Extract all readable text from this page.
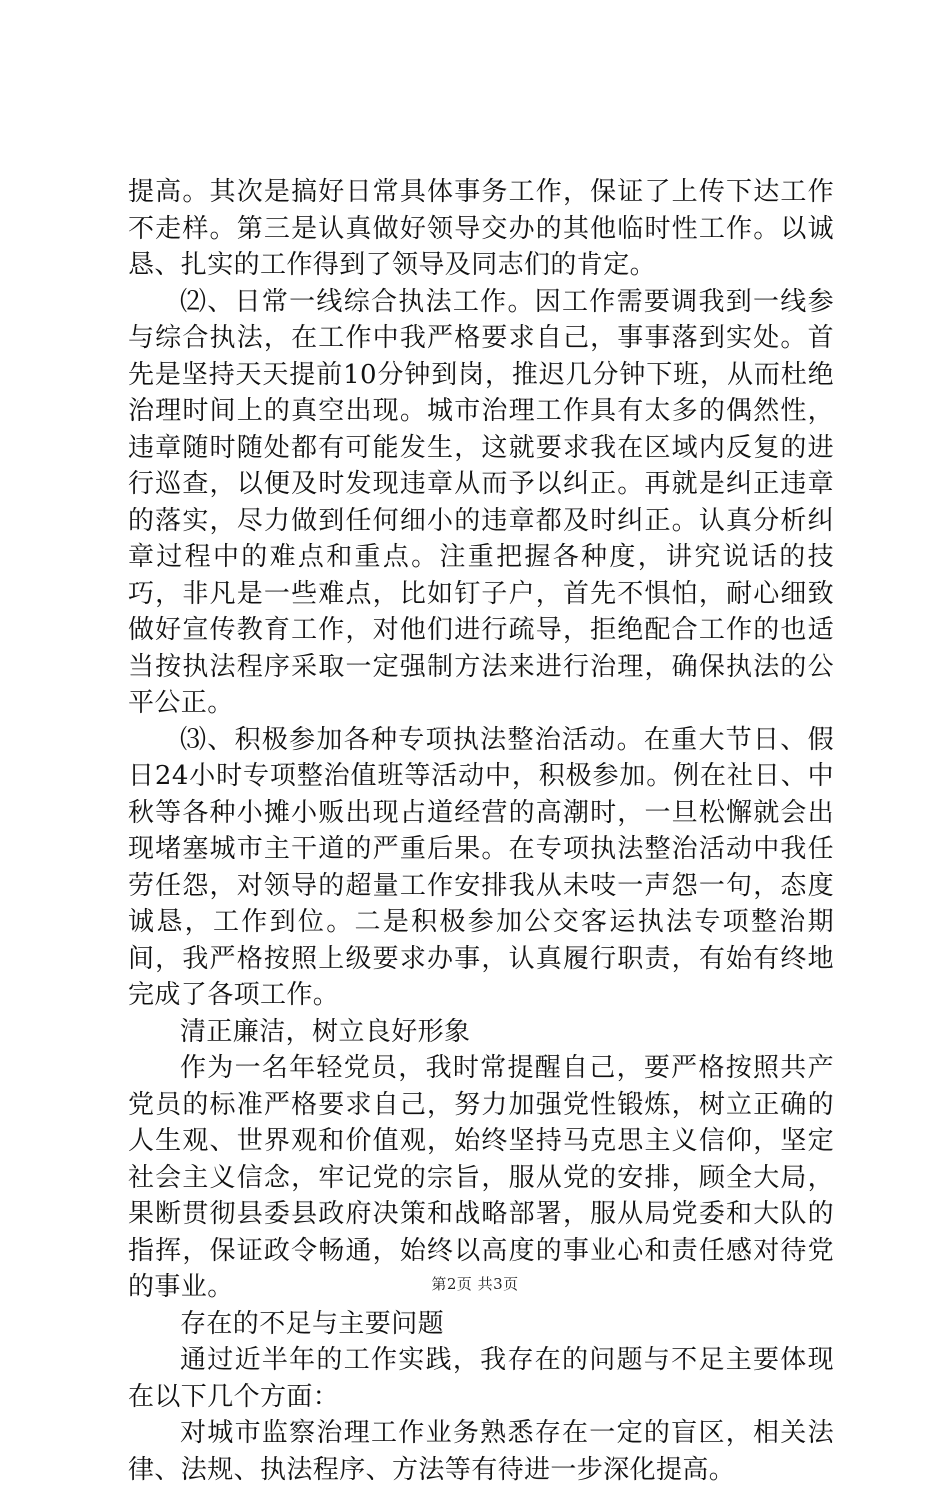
提高。其次是搞好日常具体事务工作，保证了上传下达工作不走样。第三是认真做好领导交办的其他临时性工作。以诚恳、扎实的工作得到了领导及同志们的肯定。

⑵、日常一线综合执法工作。因工作需要调我到一线参与综合执法，在工作中我严格要求自己，事事落到实处。首先是坚持天天提前10分钟到岗，推迟几分钟下班，从而杜绝治理时间上的真空出现。城市治理工作具有太多的偶然性，违章随时随处都有可能发生，这就要求我在区域内反复的进行巡查，以便及时发现违章从而予以纠正。再就是纠正违章的落实，尽力做到任何细小的违章都及时纠正。认真分析纠章过程中的难点和重点。注重把握各种度，讲究说话的技巧，非凡是一些难点，比如钉子户，首先不惧怕，耐心细致做好宣传教育工作，对他们进行疏导，拒绝配合工作的也适当按执法程序采取一定强制方法来进行治理，确保执法的公平公正。

⑶、积极参加各种专项执法整治活动。在重大节日、假日24小时专项整治值班等活动中，积极参加。例在社日、中秋等各种小摊小贩出现占道经营的高潮时，一旦松懈就会出现堵塞城市主干道的严重后果。在专项执法整治活动中我任劳任怨，对领导的超量工作安排我从未吱一声怨一句，态度诚恳，工作到位。二是积极参加公交客运执法专项整治期间，我严格按照上级要求办事，认真履行职责，有始有终地完成了各项工作。

清正廉洁，树立良好形象

作为一名年轻党员，我时常提醒自己，要严格按照共产党员的标准严格要求自己，努力加强党性锻炼，树立正确的人生观、世界观和价值观，始终坚持马克思主义信仰，坚定社会主义信念，牢记党的宗旨，服从党的安排，顾全大局，果断贯彻县委县政府决策和战略部署，服从局党委和大队的指挥，保证政令畅通，始终以高度的事业心和责任感对待党的事业。

存在的不足与主要问题

通过近半年的工作实践，我存在的问题与不足主要体现在以下几个方面：

对城市监察治理工作业务熟悉存在一定的盲区，相关法律、法规、执法程序、方法等有待进一步深化提高。

第2页 共3页
